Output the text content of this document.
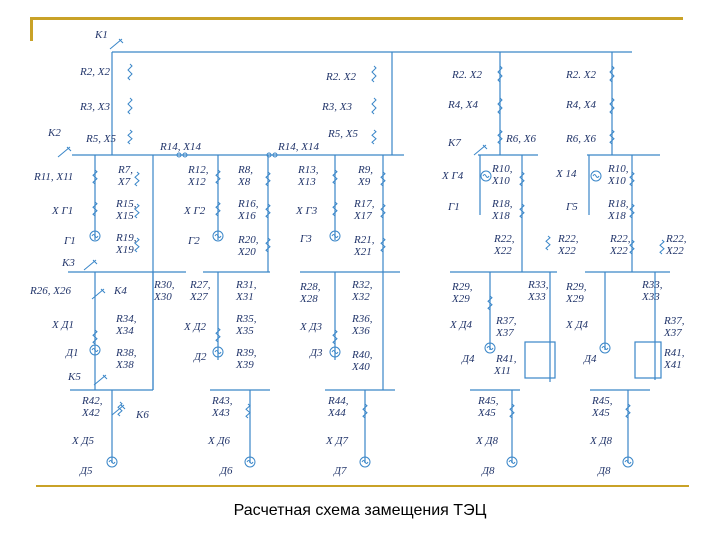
K1
R2, X2
R3, X3
K2 R5, X5
R14, X14	R14, X14
R2. X2
R3, X3
R5, X5
R2. X2
R4, X4
K7	R6, X6
R2. X2
R4, X4
R6, X6
R11, X11
X Г1
Г1
K3
R7,
X7
R15,
X15
R19,
X19
R12,
X12
X Г2
Г2
R8,
X8
R16,
X16
R20,
X20
R13,
X13
X Г3
Г3
R9,
X9
R17,
X17
R21,
X21
X Г4
Г1
R10,
X10
R18,
X18
R22,
X22
R22,
X22
X 14
Г5
R10,
X10
R18,
X18
R22,
X22
R22,
X22
R26, X26	K4
X Д1
Д1
K5
R34,
X34
R38,
X38
R30,
X30
R27,
X27
X Д2
Д2
R31,
X31
R35,
X35
R39,
X39
R28,
X28
X Д3
Д3
R32,
X32
R36,
X36
R40,
X40
R29,
X29
R33,
X33
X Д4 R37,
X37
Д4 R41,
X11
R29,
X29
R33,
X33
X Д4	R37,
X37
Д4	R41,
X41
R42,
X42	K6
X Д5
Д5
R43,
X43
X Д6
Д6
R44,
X44
X Д7
Д7
R45,
X45
X Д8
Д8
R45,
X45
X Д8
Д8
Расчетная схема замещения ТЭЦ
